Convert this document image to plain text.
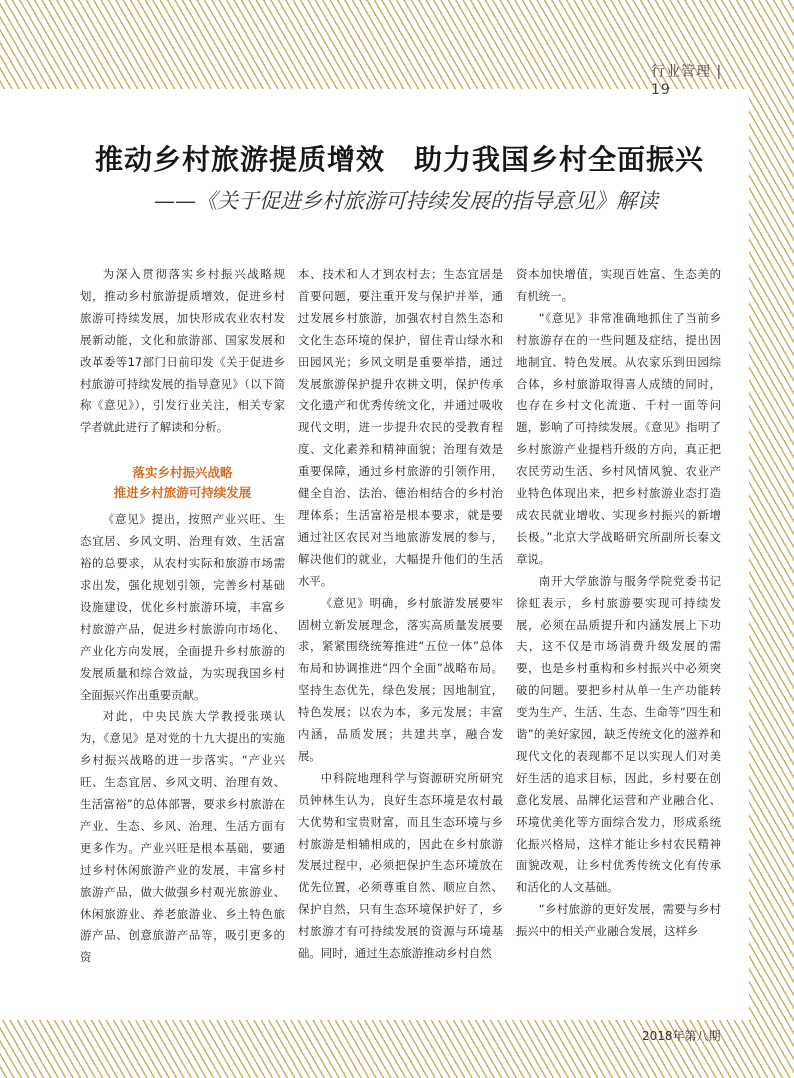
行业管理 | 19
推动乡村旅游提质增效　助力我国乡村全面振兴
——《关于促进乡村旅游可持续发展的指导意见》解读

为深入贯彻落实乡村振兴战略规划，推动乡村旅游提质增效，促进乡村旅游可持续发展，加快形成农业农村发展新动能，文化和旅游部、国家发展和改革委等17部门日前印发《关于促进乡村旅游可持续发展的指导意见》（以下简称《意见》），引发行业关注，相关专家学者就此进行了解读和分析。

落实乡村振兴战略
推进乡村旅游可持续发展

《意见》提出，按照产业兴旺、生态宜居、乡风文明、治理有效、生活富裕的总要求，从农村实际和旅游市场需求出发，强化规划引领，完善乡村基础设施建设，优化乡村旅游环境，丰富乡村旅游产品，促进乡村旅游向市场化、产业化方向发展，全面提升乡村旅游的发展质量和综合效益，为实现我国乡村全面振兴作出重要贡献。

对此，中央民族大学教授张瑛认为，《意见》是对党的十九大提出的实施乡村振兴战略的进一步落实。“产业兴旺、生态宜居、乡风文明、治理有效、生活富裕”的总体部署，要求乡村旅游在产业、生态、乡风、治理、生活方面有更多作为。产业兴旺是根本基础，要通过乡村休闲旅游产业的发展，丰富乡村旅游产品，做大做强乡村观光旅游业、休闲旅游业、养老旅游业、乡土特色旅游产品、创意旅游产品等，吸引更多的资

本、技术和人才到农村去；生态宜居是首要问题，要注重开发与保护并举，通过发展乡村旅游，加强农村自然生态和文化生态环境的保护，留住青山绿水和田园风光；乡风文明是重要举措，通过发展旅游保护提升农耕文明，保护传承文化遗产和优秀传统文化，并通过吸收现代文明，进一步提升农民的受教育程度、文化素养和精神面貌；治理有效是重要保障，通过乡村旅游的引领作用，健全自治、法治、德治相结合的乡村治理体系；生活富裕是根本要求，就是要通过社区农民对当地旅游发展的参与，解决他们的就业，大幅提升他们的生活水平。

《意见》明确，乡村旅游发展要牢固树立新发展理念，落实高质量发展要求，紧紧围绕统筹推进“五位一体”总体布局和协调推进“四个全面”战略布局。坚持生态优先，绿色发展；因地制宜，特色发展；以农为本，多元发展；丰富内涵，品质发展；共建共享，融合发展。

中科院地理科学与资源研究所研究员钟林生认为，良好生态环境是农村最大优势和宝贵财富，而且生态环境与乡村旅游是相辅相成的，因此在乡村旅游发展过程中，必须把保护生态环境放在优先位置，必须尊重自然、顺应自然、保护自然，只有生态环境保护好了，乡村旅游才有可持续发展的资源与环境基础。同时，通过生态旅游推动乡村自然

资本加快增值，实现百姓富、生态美的有机统一。

“《意见》非常准确地抓住了当前乡村旅游存在的一些问题及症结，提出因地制宜、特色发展。从农家乐到田园综合体，乡村旅游取得喜人成绩的同时，也存在乡村文化流逝、千村一面等问题，影响了可持续发展。《意见》指明了乡村旅游产业提档升级的方向，真正把农民劳动生活、乡村风情风貌、农业产业特色体现出来，把乡村旅游业态打造成农民就业增收、实现乡村振兴的新增长极。”北京大学战略研究所副所长秦文章说。

南开大学旅游与服务学院党委书记徐虹表示，乡村旅游要实现可持续发展，必须在品质提升和内涵发展上下功夫，这不仅是市场消费升级发展的需要，也是乡村重构和乡村振兴中必须突破的问题。要把乡村从单一生产功能转变为生产、生活、生态、生命等“四生和谐”的美好家园，缺乏传统文化的滋养和现代文化的表现都不足以实现人们对美好生活的追求目标，因此，乡村要在创意化发展、品牌化运营和产业融合化、环境优美化等方面综合发力，形成系统化振兴格局，这样才能让乡村农民精神面貌改观，让乡村优秀传统文化有传承和活化的人文基础。

“乡村旅游的更好发展，需要与乡村振兴中的相关产业融合发展，这样乡

2018年第八期
